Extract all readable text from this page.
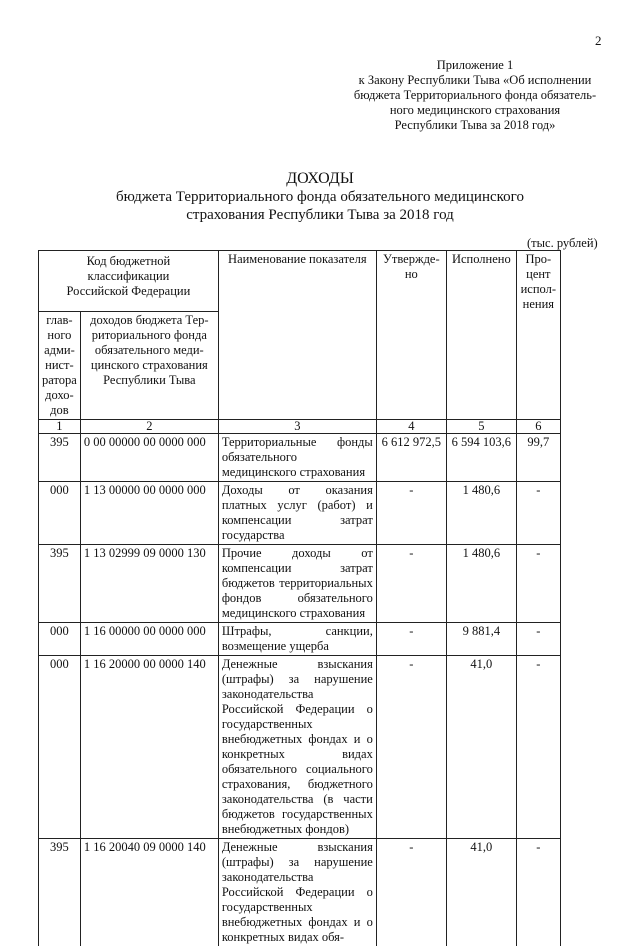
2
Приложение 1
к Закону Республики Тыва «Об исполнении
бюджета Территориального фонда обязатель-
ного медицинского страхования
Республики Тыва за 2018 год»
ДОХОДЫ
бюджета Территориального фонда обязательного медицинского
страхования Республики Тыва за 2018 год
(тыс. рублей)
Код бюджетной классификации Российской Федерации		Наименование показателя	Утвержде-но	Исполнено	Про-цент испол-нения
глав-ного адми-нист-ратора дохо-дов	доходов бюджета Тер-риториального фонда обязательного меди-цинского страхования Республики Тыва				
1	2	3	4	5	6
395	0 00 00000 00 0000 000	Территориальные фонды обязательного медицинского страхования	6 612 972,5	6 594 103,6	99,7
000	1 13 00000 00 0000 000	Доходы от оказания платных услуг (работ) и компенсации затрат государства	-	1 480,6	-
395	1 13 02999 09 0000 130	Прочие доходы от компенсации затрат бюджетов территориальных фондов обязательного медицинского страхования	-	1 480,6	-
000	1 16 00000 00 0000 000	Штрафы, санкции, возмещение ущерба	-	9 881,4	-
000	1 16 20000 00 0000 140	Денежные взыскания (штрафы) за нарушение законодательства Российской Федерации о государственных внебюджетных фондах и о конкретных видах обязательного социального страхования, бюджетного законодательства (в части бюджетов государственных внебюджетных фондов)	-	41,0	-
395	1 16 20040 09 0000 140	Денежные взыскания (штрафы) за нарушение законодательства Российской Федерации о государственных внебюджетных фондах и о конкретных видах обя-	-	41,0	-
